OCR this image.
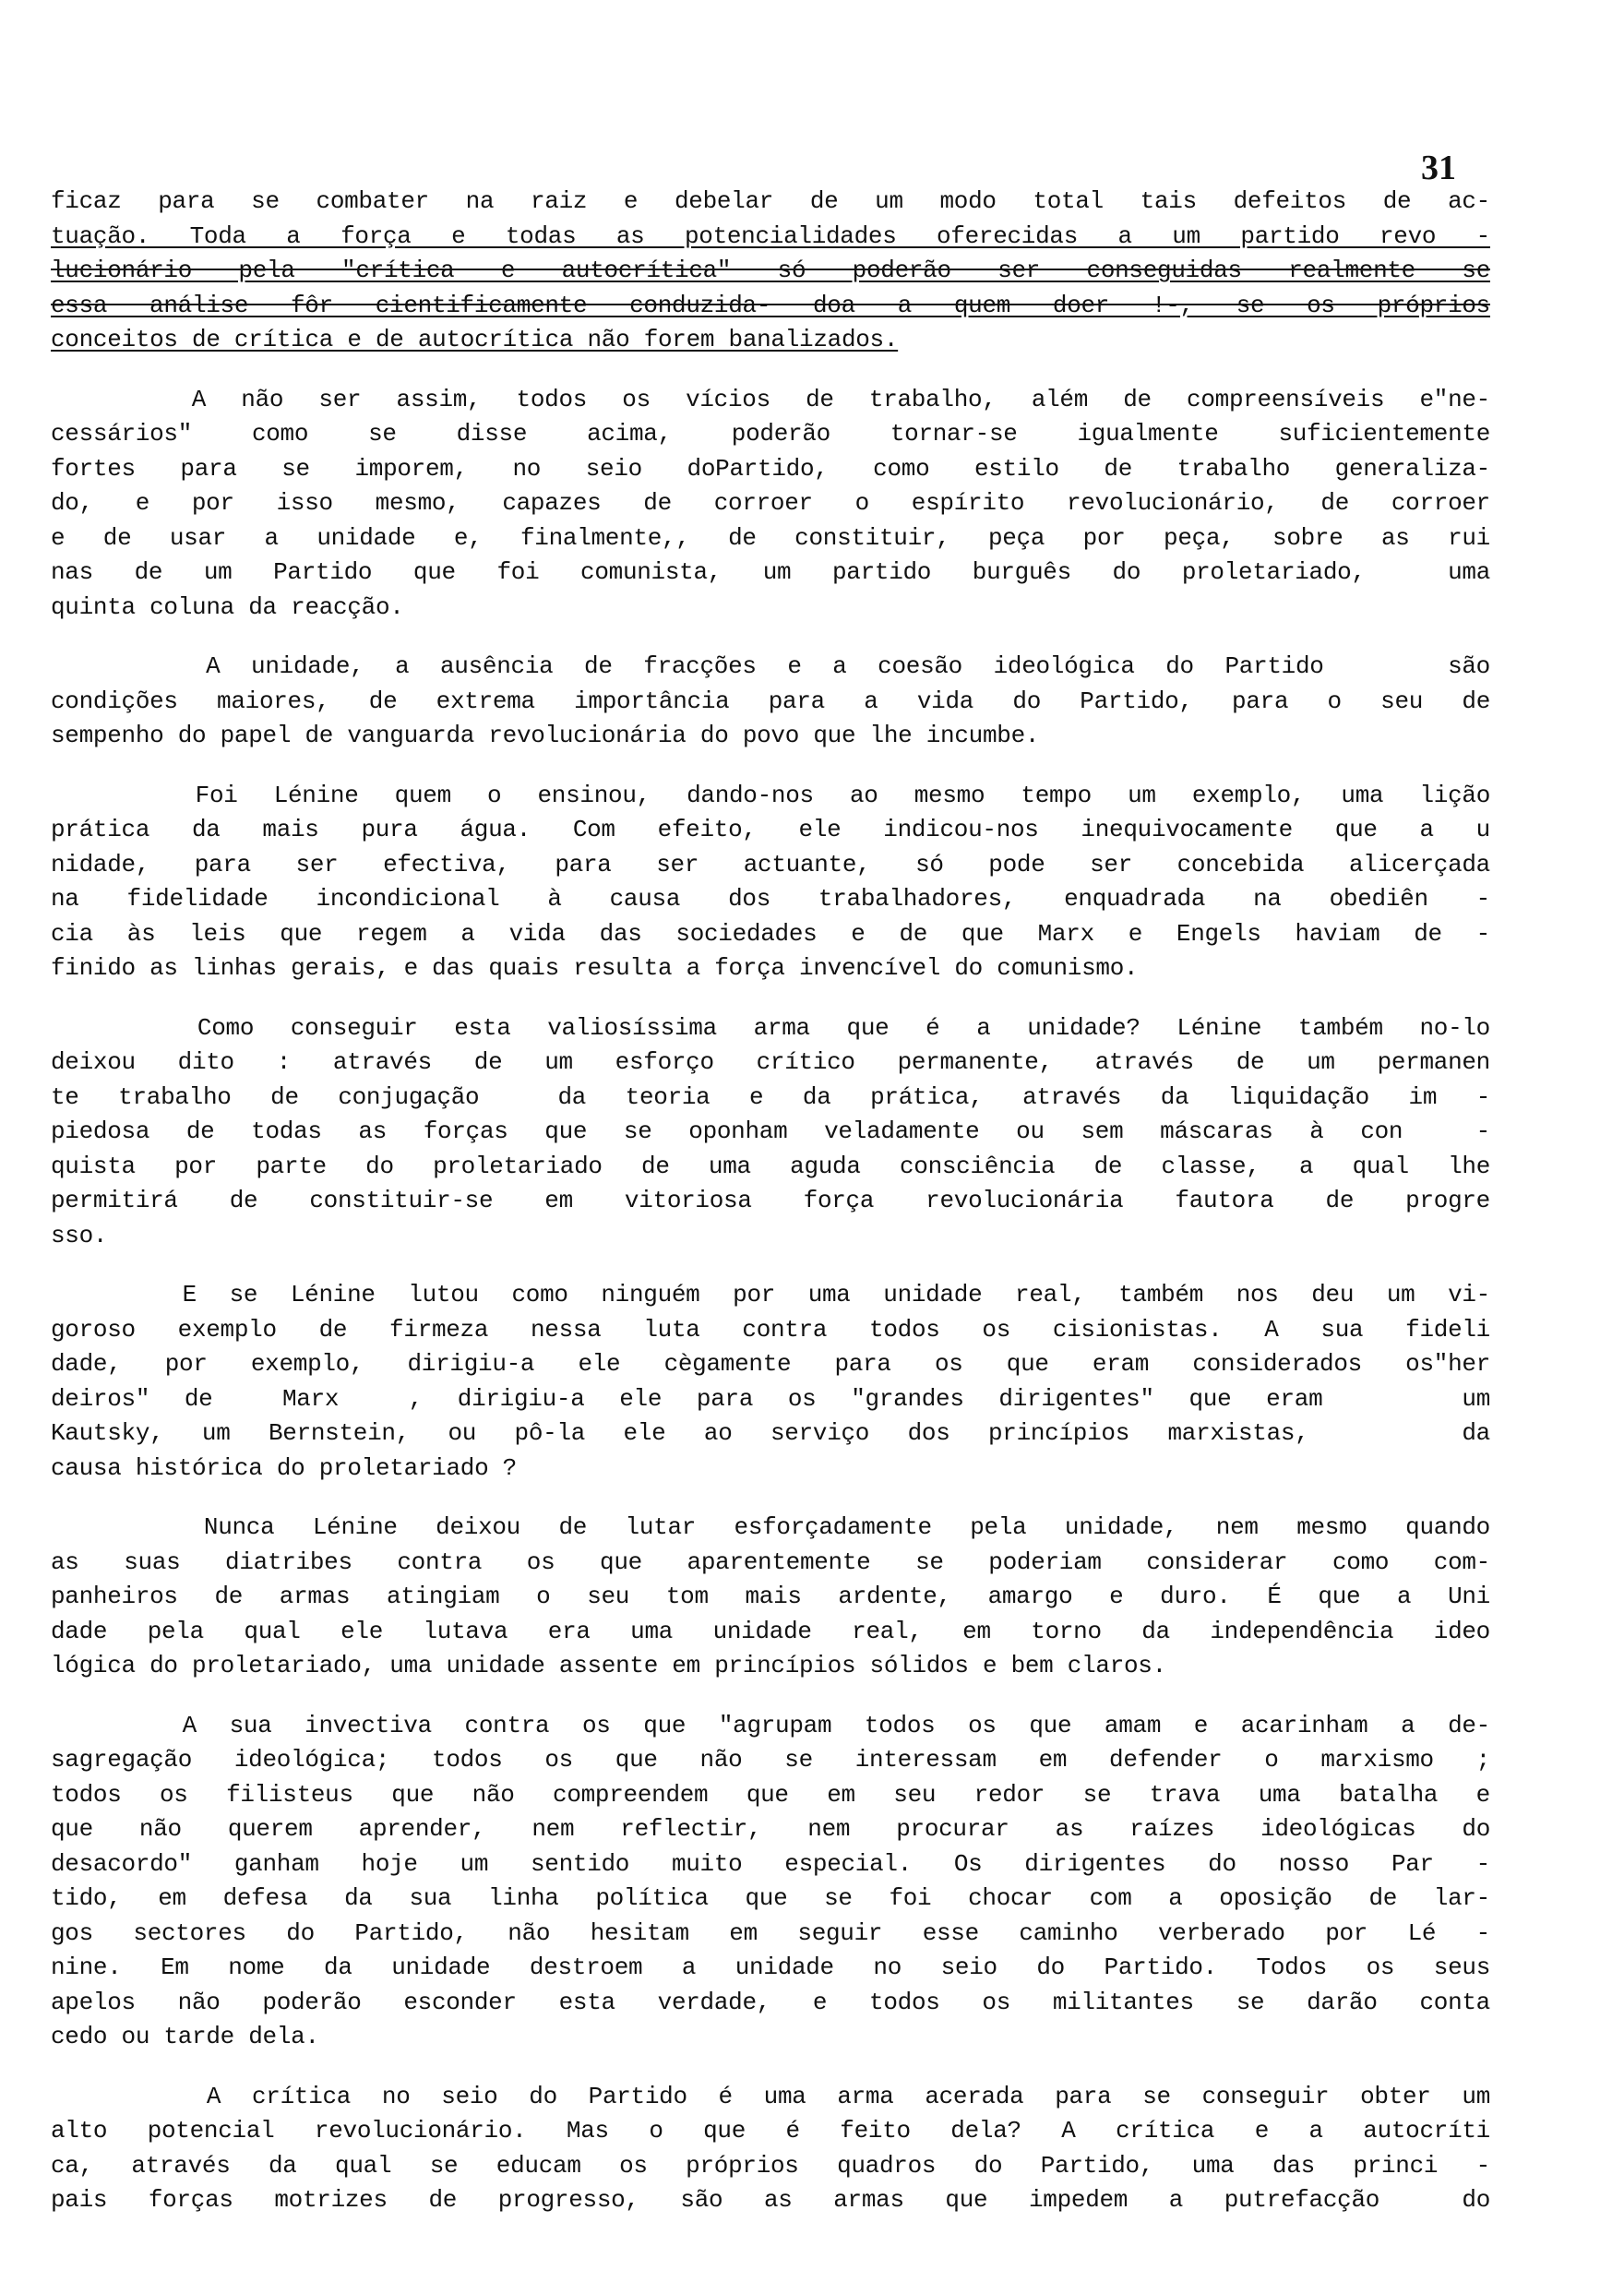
31
ficaz para se combater na raiz e debelar de um modo total tais defeitos de ac-
tuação. Toda a força e todas as potencialidades oferecidas a um partido revo -
lucionário pela "crítica e autocrítica" só poderão ser conseguidas realmente se
essa análise fôr cientificamente conduzida- doa a quem doer !-, se os próprios
conceitos de crítica e de autocrítica não forem banalizados.
A não ser assim, todos os vícios de trabalho, além de compreensíveis e"ne-
cessários" como se disse acima, poderão tornar-se igualmente suficientemente
fortes para se imporem, no seio doPartido, como estilo de trabalho generaliza-
do, e por isso mesmo, capazes de corroer o espírito revolucionário, de corroer
e de usar a unidade e, finalmente,, de constituir, peça por peça, sobre as rui
nas de um Partido que foi comunista, um partido burguês do proletariado,  uma
quinta coluna da reacção.
A unidade, a ausência de fracções e a coesão ideológica do Partido    são
condições maiores, de extrema importância para a vida do Partido, para o seu de
sempenho do papel de vanguarda revolucionária do povo que lhe incumbe.
Foi Lénine quem o ensinou, dando-nos ao mesmo tempo um exemplo, uma lição
prática da mais pura água. Com efeito, ele indicou-nos inequivocamente que a u
nidade, para ser efectiva, para ser actuante, só pode ser concebida alicerçada
na fidelidade incondicional à causa dos trabalhadores, enquadrada na obediên -
cia às leis que regem a vida das sociedades e de que Marx e Engels haviam de -
finido as linhas gerais, e das quais resulta a força invencível do comunismo.
Como conseguir esta valiosíssima arma que é a unidade? Lénine também no-lo
deixou dito : através de um esforço crítico permanente, através de um permanen
te trabalho de conjugação  da teoria e da prática, através da liquidação im -
piedosa de todas as forças que se oponham veladamente ou sem máscaras à con  -
quista por parte do proletariado de uma aguda consciência de classe, a qual lhe
permitirá de constituir-se em vitoriosa força revolucionária fautora de progre
sso.
E se Lénine lutou como ninguém por uma unidade real, também nos deu um vi-
goroso exemplo de firmeza nessa luta contra todos os cisionistas. A sua fideli
dade, por exemplo, dirigiu-a ele cègamente para os que eram considerados os"her
deiros" de  Marx  , dirigiu-a ele para os "grandes dirigentes" que eram    um
Kautsky, um Bernstein, ou pô-la ele ao serviço dos princípios marxistas,    da
causa histórica do proletariado ?
Nunca Lénine deixou de lutar esforçadamente pela unidade, nem mesmo quando
as suas diatribes contra os que aparentemente se poderiam considerar como com-
panheiros de armas atingiam o seu tom mais ardente, amargo e duro. É que a Uni
dade pela qual ele lutava era uma unidade real, em torno da independência ideo
lógica do proletariado, uma unidade assente em princípios sólidos e bem claros.
A sua invectiva contra os que "agrupam todos os que amam e acarinham a de-
sagregação ideológica; todos os que não se interessam em defender o marxismo ;
todos os filisteus que não compreendem que em seu redor se trava uma batalha e
que não querem aprender, nem reflectir, nem procurar as raízes ideológicas do
desacordo" ganham hoje um sentido muito especial. Os dirigentes do nosso Par -
tido, em defesa da sua linha política que se foi chocar com a oposição de lar-
gos sectores do Partido, não hesitam em seguir esse caminho verberado por Lé -
nine. Em nome da unidade destroem a unidade no seio do Partido. Todos os seus
apelos não poderão esconder esta verdade, e todos os militantes se darão conta
cedo ou tarde dela.
A crítica no seio do Partido é uma arma acerada para se conseguir obter um
alto potencial revolucionário. Mas o que é feito dela? A crítica e a autocríti
ca, através da qual se educam os próprios quadros do Partido, uma das princi -
pais forças motrizes de progresso, são as armas que impedem a putrefacção  do
